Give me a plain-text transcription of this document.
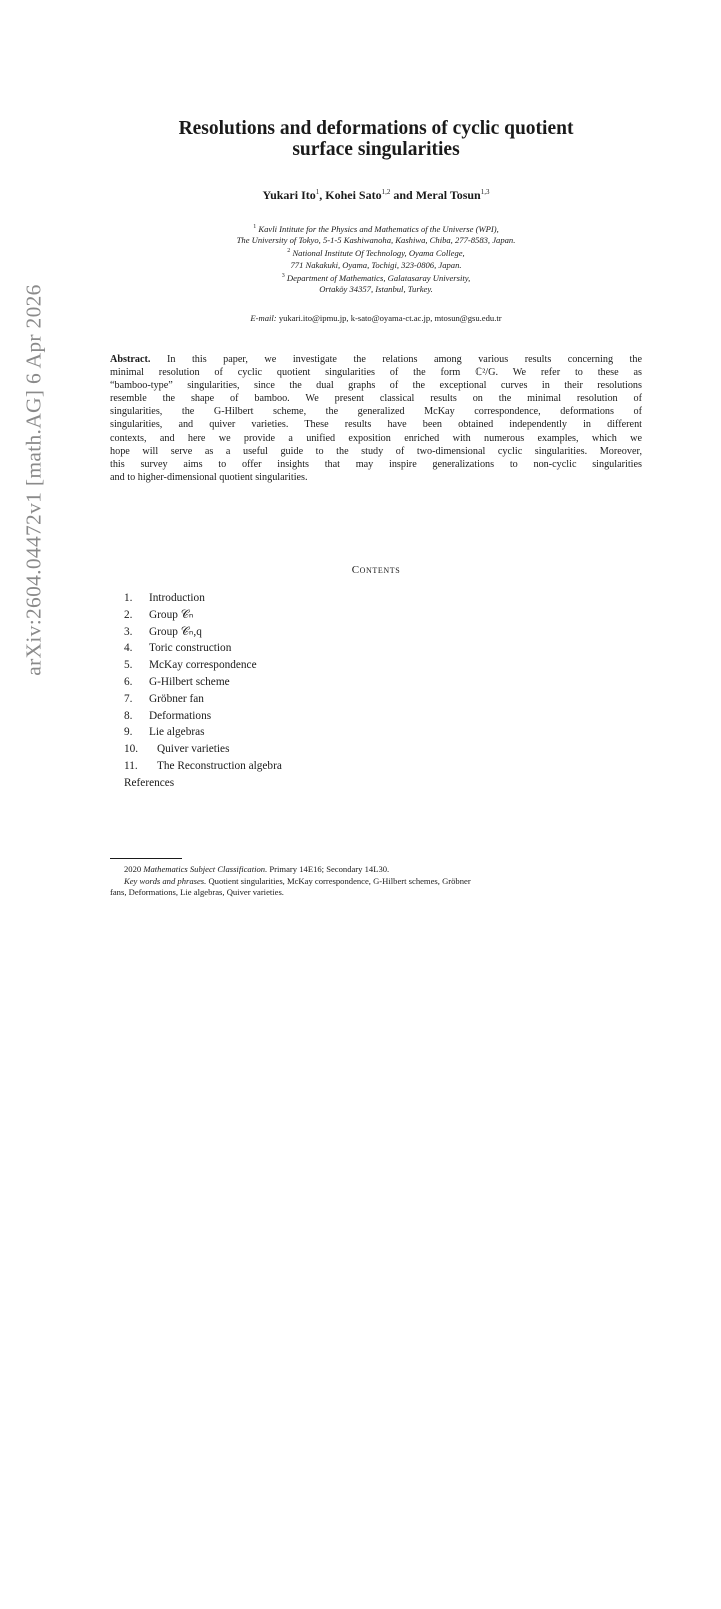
arXiv:2604.04472v1 [math.AG] 6 Apr 2026
Resolutions and deformations of cyclic quotient
surface singularities
Yukari Ito$^1$, Kohei Sato$^{1,2}$ and Meral Tosun$^{1,3}$
$^1$ Kavli Intitute for the Physics and Mathematics of the Universe (WPI),
The University of Tokyo, 5-1-5 Kashiwanoha, Kashiwa, Chiba, 277-8583, Japan.
$^2$ National Institute Of Technology, Oyama College,
771 Nakakuki, Oyama, Tochigi, 323-0806, Japan.
$^3$ Department of Mathematics, Galatasaray University,
Ortaköy 34357, Istanbul, Turkey.
E-mail: yukari.ito@ipmu.jp, k-sato@oyama-ct.ac.jp, mtosun@gsu.edu.tr
Abstract. In this paper, we investigate the relations among various results concerning the
minimal resolution of cyclic quotient singularities of the form ℂ²/G. We refer to these as
“bamboo-type” singularities, since the dual graphs of the exceptional curves in their resolutions
resemble the shape of bamboo. We present classical results on the minimal resolution of
singularities, the G-Hilbert scheme, the generalized McKay correspondence, deformations of
singularities, and quiver varieties. These results have been obtained independently in different
contexts, and here we provide a unified exposition enriched with numerous examples, which we
hope will serve as a useful guide to the study of two-dimensional cyclic singularities. Moreover,
this survey aims to offer insights that may inspire generalizations to non-cyclic singularities
and to higher-dimensional quotient singularities.
Contents
1. Introduction
2. Group 𝒞ₙ
3. Group 𝒞ₙ,q
4. Toric construction
5. McKay correspondence
6. G-Hilbert scheme
7. Gröbner fan
8. Deformations
9. Lie algebras
10. Quiver varieties
11. The Reconstruction algebra
References
2020 Mathematics Subject Classification. Primary 14E16; Secondary 14L30.
Key words and phrases. Quotient singularities, McKay correspondence, G-Hilbert schemes, Gröbner
fans, Deformations, Lie algebras, Quiver varieties.
